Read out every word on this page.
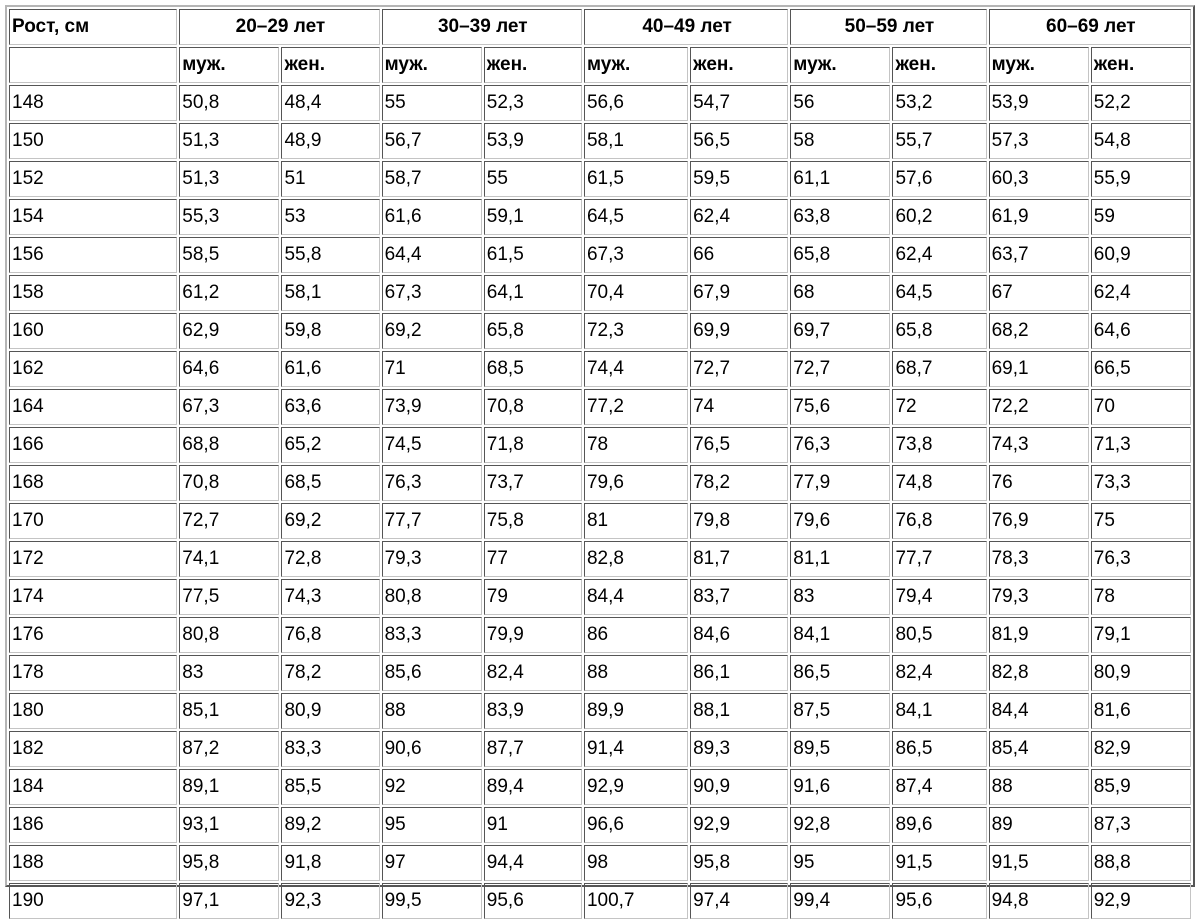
Рост, см	20–29 лет		30–39 лет		40–49 лет		50–59 лет		60–69 лет	
	муж.	жен.	муж.	жен.	муж.	жен.	муж.	жен.	муж.	жен.
148	50,8	48,4	55	52,3	56,6	54,7	56	53,2	53,9	52,2
150	51,3	48,9	56,7	53,9	58,1	56,5	58	55,7	57,3	54,8
152	51,3	51	58,7	55	61,5	59,5	61,1	57,6	60,3	55,9
154	55,3	53	61,6	59,1	64,5	62,4	63,8	60,2	61,9	59
156	58,5	55,8	64,4	61,5	67,3	66	65,8	62,4	63,7	60,9
158	61,2	58,1	67,3	64,1	70,4	67,9	68	64,5	67	62,4
160	62,9	59,8	69,2	65,8	72,3	69,9	69,7	65,8	68,2	64,6
162	64,6	61,6	71	68,5	74,4	72,7	72,7	68,7	69,1	66,5
164	67,3	63,6	73,9	70,8	77,2	74	75,6	72	72,2	70
166	68,8	65,2	74,5	71,8	78	76,5	76,3	73,8	74,3	71,3
168	70,8	68,5	76,3	73,7	79,6	78,2	77,9	74,8	76	73,3
170	72,7	69,2	77,7	75,8	81	79,8	79,6	76,8	76,9	75
172	74,1	72,8	79,3	77	82,8	81,7	81,1	77,7	78,3	76,3
174	77,5	74,3	80,8	79	84,4	83,7	83	79,4	79,3	78
176	80,8	76,8	83,3	79,9	86	84,6	84,1	80,5	81,9	79,1
178	83	78,2	85,6	82,4	88	86,1	86,5	82,4	82,8	80,9
180	85,1	80,9	88	83,9	89,9	88,1	87,5	84,1	84,4	81,6
182	87,2	83,3	90,6	87,7	91,4	89,3	89,5	86,5	85,4	82,9
184	89,1	85,5	92	89,4	92,9	90,9	91,6	87,4	88	85,9
186	93,1	89,2	95	91	96,6	92,9	92,8	89,6	89	87,3
188	95,8	91,8	97	94,4	98	95,8	95	91,5	91,5	88,8
190	97,1	92,3	99,5	95,6	100,7	97,4	99,4	95,6	94,8	92,9
